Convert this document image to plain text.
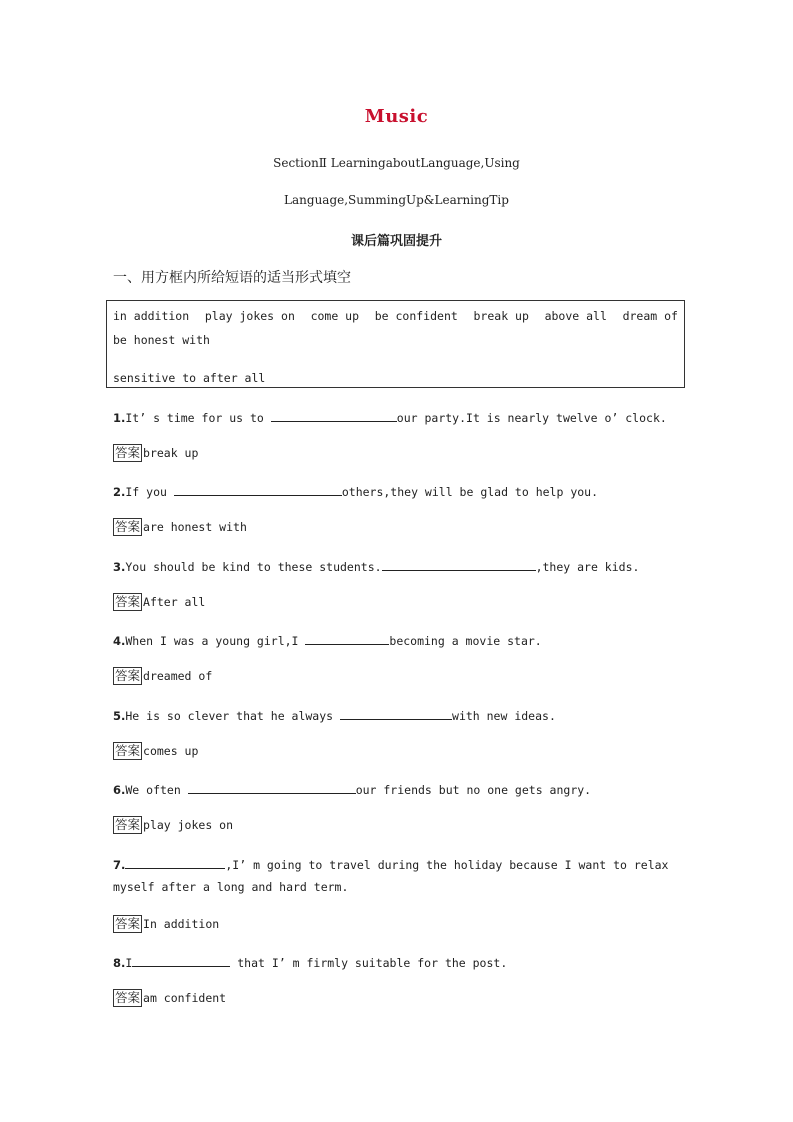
Music
SectionⅡ LearningaboutLanguage,Using
Language,SummingUp&LearningTip
课后篇巩固提升
一、用方框内所给短语的适当形式填空
in addition play jokes on come up be confident break up above all dream of
be honest with
sensitive to after all
1.It’ s time for us to	our party.It is nearly twelve o’ clock.
答案 break up
2.If you	others,they will be glad to help you.
答案 are honest with
3.You should be kind to these students.	,they are kids.
答案 After all
4.When I was a young girl,I	becoming a movie star.
答案 dreamed of
5.He is so clever that he always	with new ideas.
答案 comes up
6.We often	our friends but no one gets angry.
答案 play jokes on
7.	,I’ m going to travel during the holiday because I want to relax
myself after a long and hard term.
答案 In addition
8.I	that I’ m firmly suitable for the post.
答案 am confident
